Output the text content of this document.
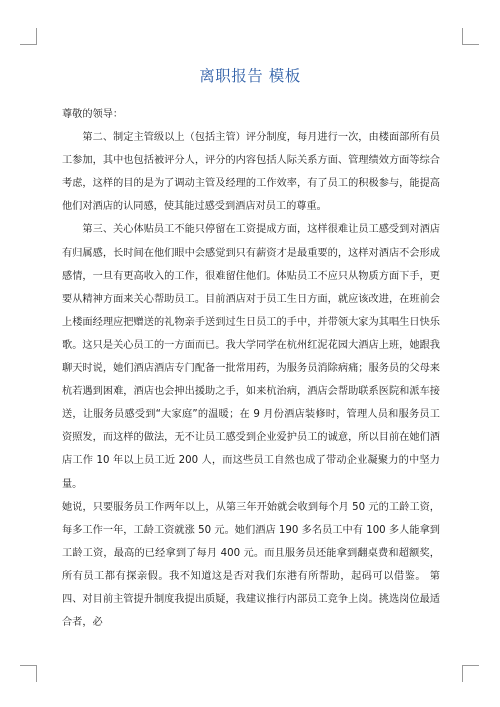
离职报告 模板

尊敬的领导：

第二、制定主管级以上（包括主管）评分制度，每月进行一次，由楼面部所有员工参加，其中也包括被评分人，评分的内容包括人际关系方面、管理绩效方面等综合考虑，这样的目的是为了调动主管及经理的工作效率，有了员工的积极参与，能提高他们对酒店的认同感，使其能过感受到酒店对员工的尊重。

第三、关心体贴员工不能只停留在工资提成方面，这样很难让员工感受到对酒店有归属感，长时间在他们眼中会感觉到只有薪资才是最重要的，这样对酒店不会形成感情，一旦有更高收入的工作，很难留住他们。体贴员工不应只从物质方面下手，更要从精神方面来关心帮助员工。目前酒店对于员工生日方面，就应该改进，在班前会上楼面经理应把赠送的礼物亲手送到过生日员工的手中，并带领大家为其唱生日快乐歌。这只是关心员工的一方面而已。我大学同学在杭州红泥花园大酒店上班，她跟我聊天时说，她们酒店酒店专门配备一批常用药，为服务员消除病痛；服务员的父母来杭若遇到困难，酒店也会抻出援助之手，如来杭治病，酒店会帮助联系医院和派车接送，让服务员感受到“大家庭”的温暖；在 9 月份酒店装修时，管理人员和服务员工资照发，而这样的做法，无不让员工感受到企业爱护员工的诚意，所以目前在她们酒店工作 10 年以上员工近 200 人，而这些员工自然也成了带动企业凝聚力的中坚力量。

她说，只要服务员工作两年以上，从第三年开始就会收到每个月 50 元的工龄工资，每多工作一年，工龄工资就涨 50 元。她们酒店 190 多名员工中有 100 多人能拿到工龄工资，最高的已经拿到了每月 400 元。而且服务员还能拿到翻桌费和超额奖，所有员工都有探亲假。我不知道这是否对我们东港有所帮助，起码可以借鉴。 第四、对目前主管提升制度我提出质疑，我建议推行内部员工竞争上岗。挑选岗位最适合者，必
